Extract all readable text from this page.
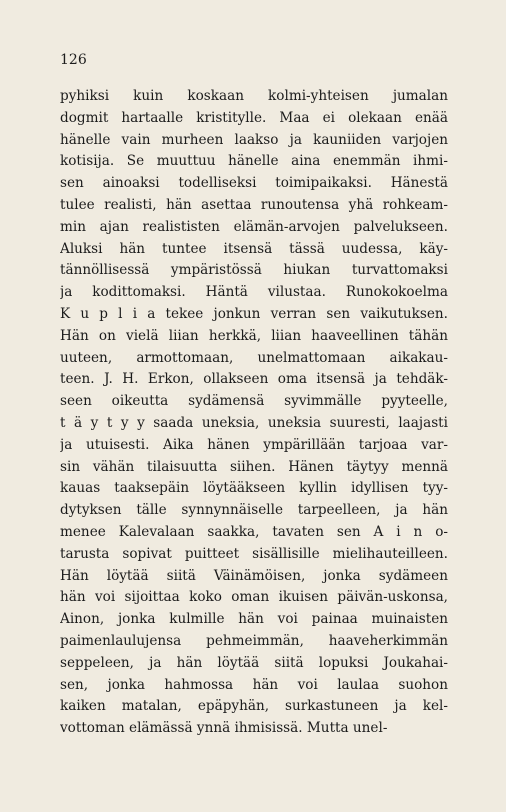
126
pyhiksi kuin koskaan kolmi-yhteisen jumalan
dogmit hartaalle kristitylle. Maa ei olekaan enää
hänelle vain murheen laakso ja kauniiden varjojen
kotisija. Se muuttuu hänelle aina enemmän ihmi-
sen ainoaksi todelliseksi toimipaikaksi. Hänestä
tulee realisti, hän asettaa runoutensa yhä rohkeam-
min ajan realististen elämän-arvojen palvelukseen.
Aluksi hän tuntee itsensä tässä uudessa, käy-
tännöllisessä ympäristössä hiukan turvattomaksi
ja kodittomaksi. Häntä vilustaa. Runokokoelma
K u p l i a tekee jonkun verran sen vaikutuksen.
Hän on vielä liian herkkä, liian haaveellinen tähän
uuteen, armottomaan, unelmattomaan aikakau-
teen. J. H. Erkon, ollakseen oma itsensä ja tehdäk-
seen oikeutta sydämensä syvimmälle pyyteelle,
t ä y t y y saada uneksia, uneksia suuresti, laajasti
ja utuisesti. Aika hänen ympärillään tarjoaa var-
sin vähän tilaisuutta siihen. Hänen täytyy mennä
kauas taaksepäin löytääkseen kyllin idyllisen tyy-
dytyksen tälle synnynnäiselle tarpeelleen, ja hän
menee Kalevalaan saakka, tavaten sen A i n o-
tarusta sopivat puitteet sisällisille mielihauteilleen.
Hän löytää siitä Väinämöisen, jonka sydämeen
hän voi sijoittaa koko oman ikuisen päivän-uskonsa,
Ainon, jonka kulmille hän voi painaa muinaisten
paimenlaulujensa pehmeimmän, haaveherkimmän
seppeleen, ja hän löytää siitä lopuksi Joukahai-
sen, jonka hahmossa hän voi laulaa suohon
kaiken matalan, epäpyhän, surkastuneen ja kel-
vottoman elämässä ynnä ihmisissä. Mutta unel-
